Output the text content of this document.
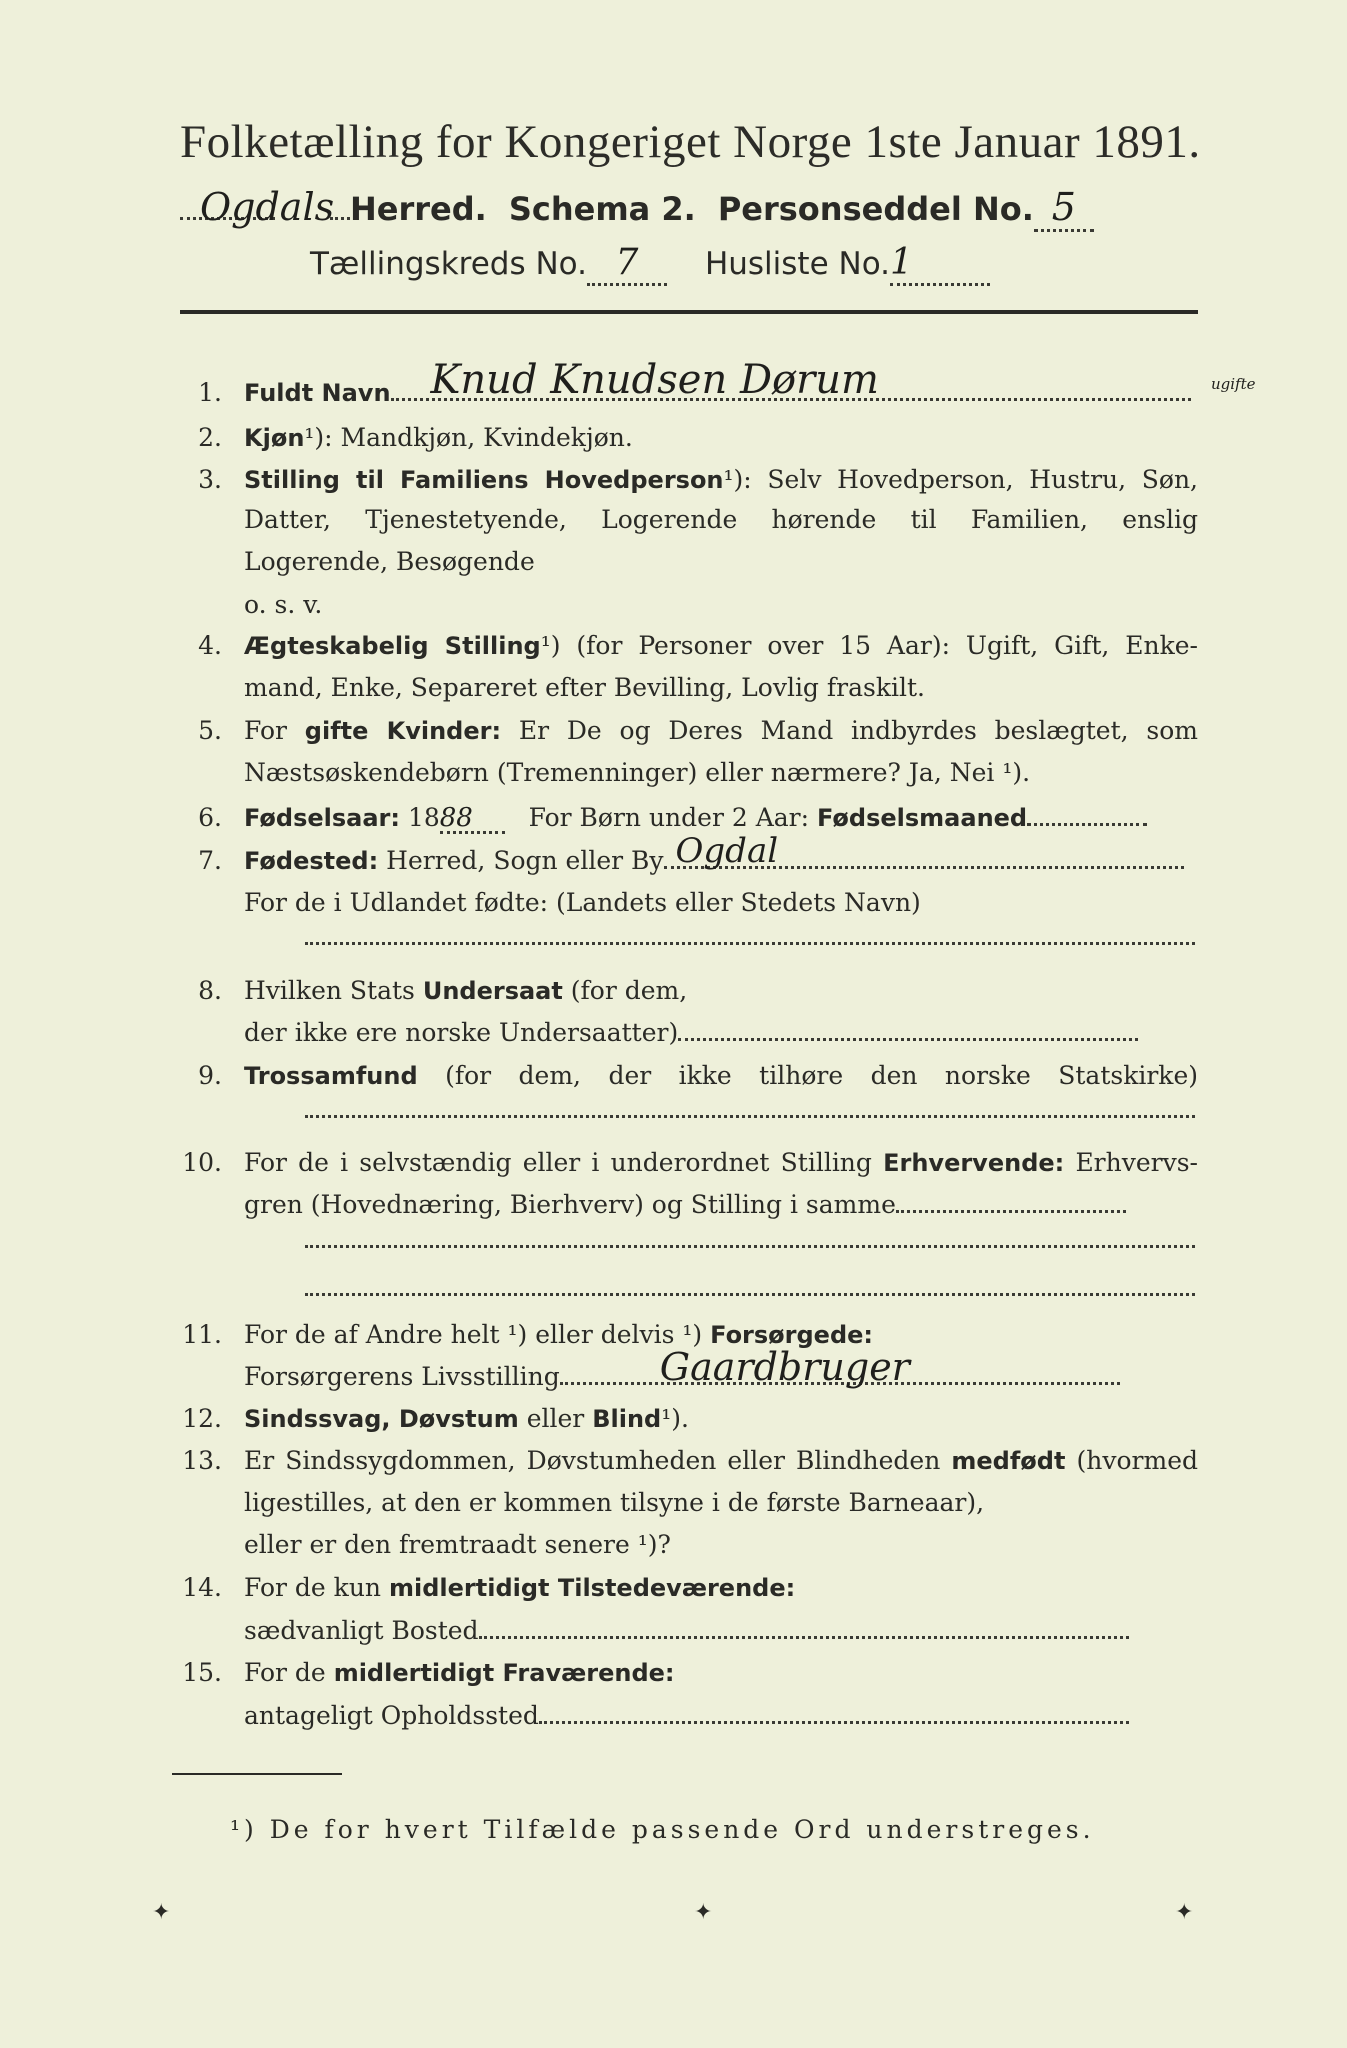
Folketælling for Kongeriget Norge 1ste Januar 1891.
Ogdals Herred. Schema 2. Personseddel No. 5
Tællingskreds No. 7	Husliste No. 1
1. Fuldt Navn Knud Knudsen Dørum	ugifte
2. Kjøn¹): Mandkjøn, Kvindekjøn.
3. Stilling til Familiens Hovedperson¹): Selv Hovedperson, Hustru, Søn,
Datter, Tjenestetyende, Logerende hørende til Familien, enslig
Logerende, Besøgende
o. s. v.
4. Ægteskabelig Stilling¹) (for Personer over 15 Aar): Ugift, Gift, Enke-
mand, Enke, Separeret efter Bevilling, Lovlig fraskilt.
5. For gifte Kvinder: Er De og Deres Mand indbyrdes beslægtet, som
Næstsøskendebørn (Tremenninger) eller nærmere? Ja, Nei ¹).
6. Fødselsaar: 1888 For Børn under 2 Aar: Fødselsmaaned
7. Fødested: Herred, Sogn eller By Ogdal
For de i Udlandet fødte: (Landets eller Stedets Navn)
8. Hvilken Stats Undersaat (for dem,
der ikke ere norske Undersaatter)
9. Trossamfund (for dem, der ikke tilhøre den norske Statskirke)
10. For de i selvstændig eller i underordnet Stilling Erhvervende: Erhvervs-
gren (Hovednæring, Bierhverv) og Stilling i samme
11. For de af Andre helt ¹) eller delvis ¹) Forsørgede:
Forsørgerens Livsstilling	Gaardbruger
12. Sindssvag, Døvstum eller Blind¹).
13. Er Sindssygdommen, Døvstumheden eller Blindheden medfødt (hvormed
ligestilles, at den er kommen tilsyne i de første Barneaar),
eller er den fremtraadt senere ¹)?
14. For de kun midlertidigt Tilstedeværende:
sædvanligt Bosted
15. For de midlertidigt Fraværende:
antageligt Opholdssted
¹) De for hvert Tilfælde passende Ord understreges.
✦	✦	✦
